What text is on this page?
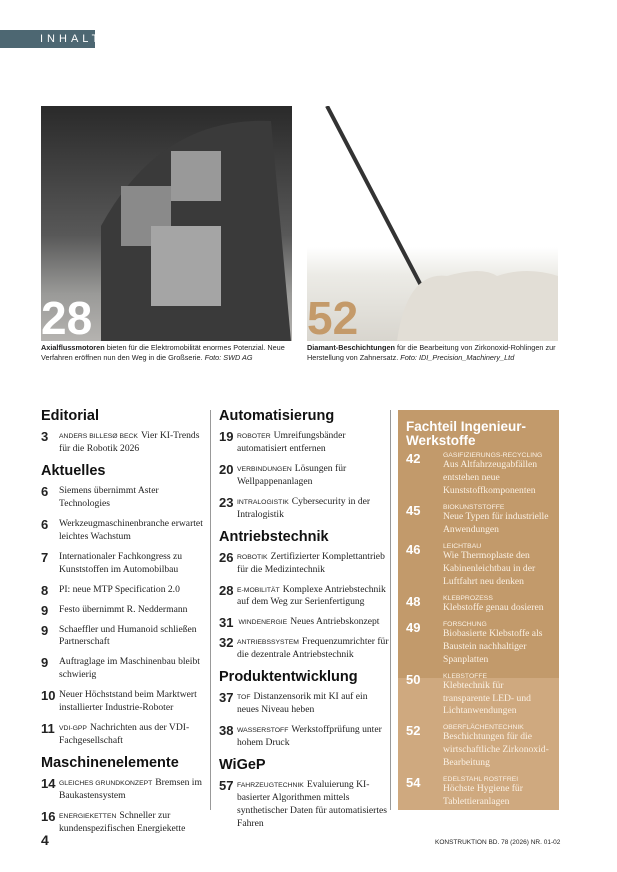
INHALT
28	52
Axialflussmotoren bieten für die Elektromobilität enormes Potenzial. Neue Verfahren eröffnen nun den Weg in die Großserie. Foto: SWD AG
Diamant-Beschichtungen für die Bearbeitung von Zirkonoxid-Rohlingen zur Herstellung von Zahnersatz. Foto: IDI_Precision_Machinery_Ltd
Editorial
3	ANDERS BILLESØ BECK Vier KI-Trends für die Robotik 2026
Aktuelles
6	Siemens übernimmt Aster Technologies
6	Werkzeugmaschinenbranche erwartet leichtes Wachstum
7	Internationaler Fachkongress zu Kunststoffen im Automobilbau
8	PI: neue MTP Specification 2.0
9	Festo übernimmt R. Neddermann
9	Schaeffler und Humanoid schließen Partnerschaft
9	Auftraglage im Maschinenbau bleibt schwierig
10 Neuer Höchststand beim Marktwert installierter Industrie-Roboter
11 VDI-GPP Nachrichten aus der VDI-Fachgesellschaft
Maschinenelemente
14 GLEICHES GRUNDKONZEPT Bremsen im Baukastensystem
16 ENERGIEKETTEN Schneller zur kundenspezifischen Energiekette
Automatisierung
19 ROBOTER Umreifungsbänder automatisiert entfernen
20 VERBINDUNGEN Lösungen für Wellpappenanlagen
23 INTRALOGISTIK Cybersecurity in der Intralogistik
Antriebstechnik
26 ROBOTIK Zertifizierter Komplettantrieb für die Medizintechnik
28 E-MOBILITÄT Komplexe Antriebstechnik auf dem Weg zur Serienfertigung
31 WINDENERGIE Neues Antriebskonzept
32 ANTRIEBSSYSTEM Frequenzumrichter für die dezentrale Antriebstechnik
Produktentwicklung
37 TOF Distanzensorik mit KI auf ein neues Niveau heben
38 WASSERSTOFF Werkstoffprüfung unter hohem Druck
WiGeP
57 FAHRZEUGTECHNIK Evaluierung KI-basierter Algorithmen mittels synthetischer Daten für automatisiertes Fahren
Fachteil Ingenieur-Werkstoffe
42	GASIFIZIERUNGS-RECYCLING
Aus Altfahrzeugabfällen entstehen neue Kunststoffkomponenten
45	BIOKUNSTSTOFFE
Neue Typen für industrielle Anwendungen
46	LEICHTBAU
Wie Thermoplaste den Kabinenleichtbau in der Luftfahrt neu denken
48	KLEBPROZESS
Klebstoffe genau dosieren
49	FORSCHUNG
Biobasierte Klebstoffe als Baustein nachhaltiger Spanplatten
50	KLEBSTOFFE
Klebtechnik für transparente LED- und Lichtanwendungen
52	OBERFLÄCHENTECHNIK
Beschichtungen für die wirtschaftliche Zirkonoxid-Bearbeitung
54	EDELSTAHL ROSTFREI
Höchste Hygiene für Tablettieranlagen
4	KONSTRUKTION BD. 78 (2026) NR. 01-02
